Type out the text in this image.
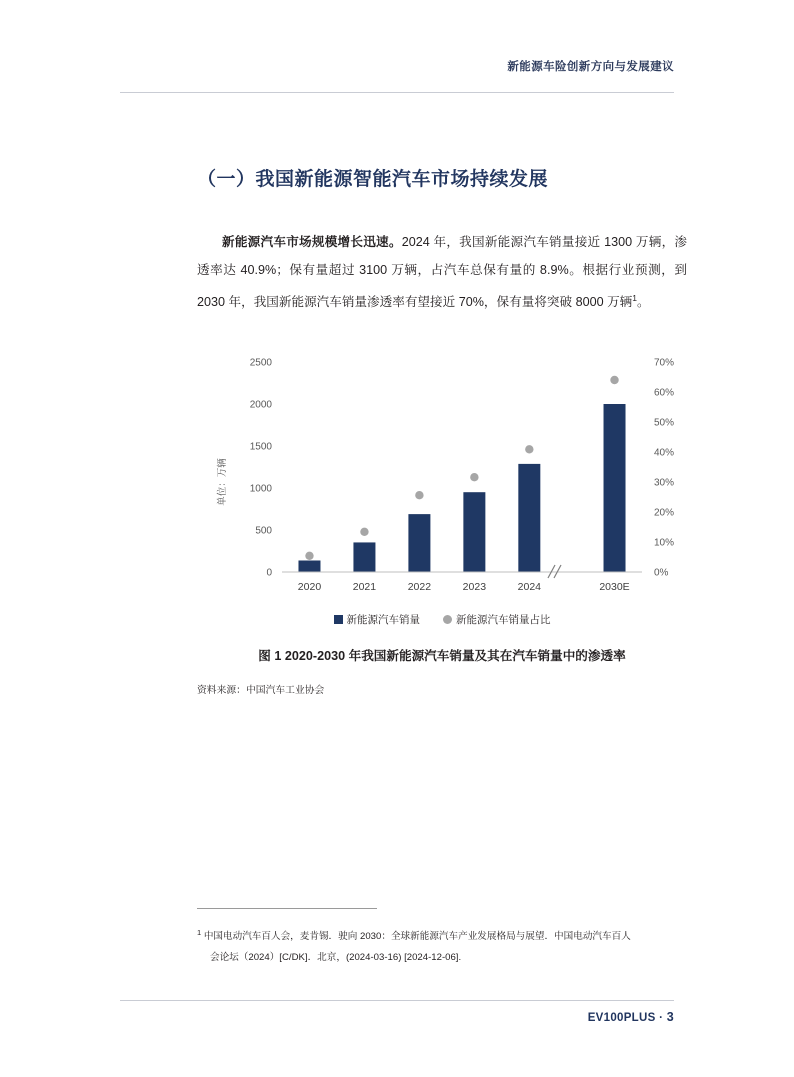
新能源车险创新方向与发展建议
（一）我国新能源智能汽车市场持续发展
新能源汽车市场规模增长迅速。2024 年，我国新能源汽车销量接近 1300 万辆，渗透率达 40.9%；保有量超过 3100 万辆，占汽车总保有量的 8.9%。根据行业预测，到 2030 年，我国新能源汽车销量渗透率有望接近 70%，保有量将突破 8000 万辆$^1$。
0
500
1000
1500
2000
2500
0%
10%
20%
30%
40%
50%
60%
70%
2020	2021	2022	2023	2024	2030E
单位：万辆
新能源汽车销量	新能源汽车销量占比
图 1 2020-2030 年我国新能源汽车销量及其在汽车销量中的渗透率
资料来源：中国汽车工业协会
$^1$ 中国电动汽车百人会，麦肯锡．驶向 2030：全球新能源汽车产业发展格局与展望．中国电动汽车百人
会论坛（2024）[C/DK]．北京，(2024-03-16) [2024-12-06].
EV100PLUS · 3
